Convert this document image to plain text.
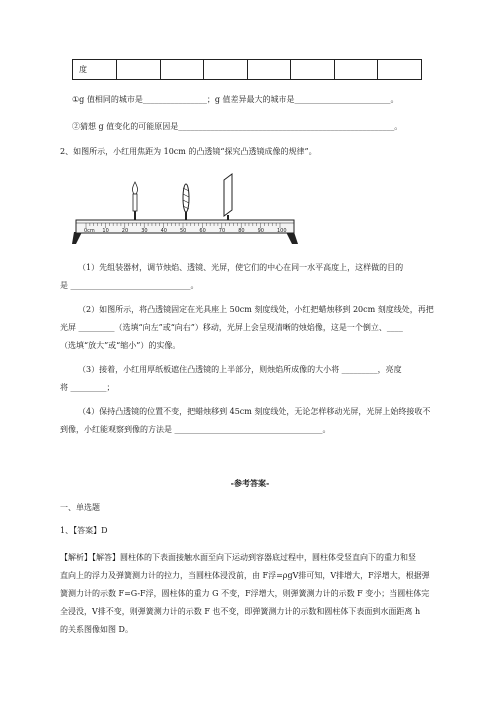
度							
①g 值相同的城市是________________；g 值差异最大的城市是________________________。
②猜想 g 值变化的可能原因是______________________________________________________。
2、如图所示，小红用焦距为 10cm 的凸透镜“探究凸透镜成像的规律”。
0cm 10	20	30	40	50	60	70	80	90	100
（1）先组装器材，调节烛焰、透镜、光屏，使它们的中心在同一水平高度上，这样做的目的
是 ______________________________。
（2）如图所示，将凸透镜固定在光具座上 50cm 刻度线处，小红把蜡烛移到 20cm 刻度线处，再把
光屏 _________（选填“向左”或“向右”）移动，光屏上会呈现清晰的烛焰像，这是一个倒立、____
（选填“放大”或“缩小”）的实像。
（3）接着，小红用厚纸板遮住凸透镜的上半部分，则烛焰所成像的大小将 _________，亮度
将 _________；
（4）保持凸透镜的位置不变，把蜡烛移到 45cm 刻度线处，无论怎样移动光屏，光屏上始终接收不
到像，小红能观察到像的方法是 _____________________________________。
-参考答案-
一、单选题
1、【答案】D
【解析】【解答】圆柱体的下表面接触水面至向下运动到容器底过程中，圆柱体受竖直向下的重力和竖
直向上的浮力及弹簧测力计的拉力，当圆柱体浸没前，由 F浮=ρgV排可知，V排增大，F浮增大，根据弹
簧测力计的示数 F=G-F浮，圆柱体的重力 G 不变，F浮增大，则弹簧测力计的示数 F 变小；当圆柱体完
全浸没，V排不变，则弹簧测力计的示数 F 也不变，即弹簧测力计的示数和圆柱体下表面到水面距离 h
的关系图像如图 D。
